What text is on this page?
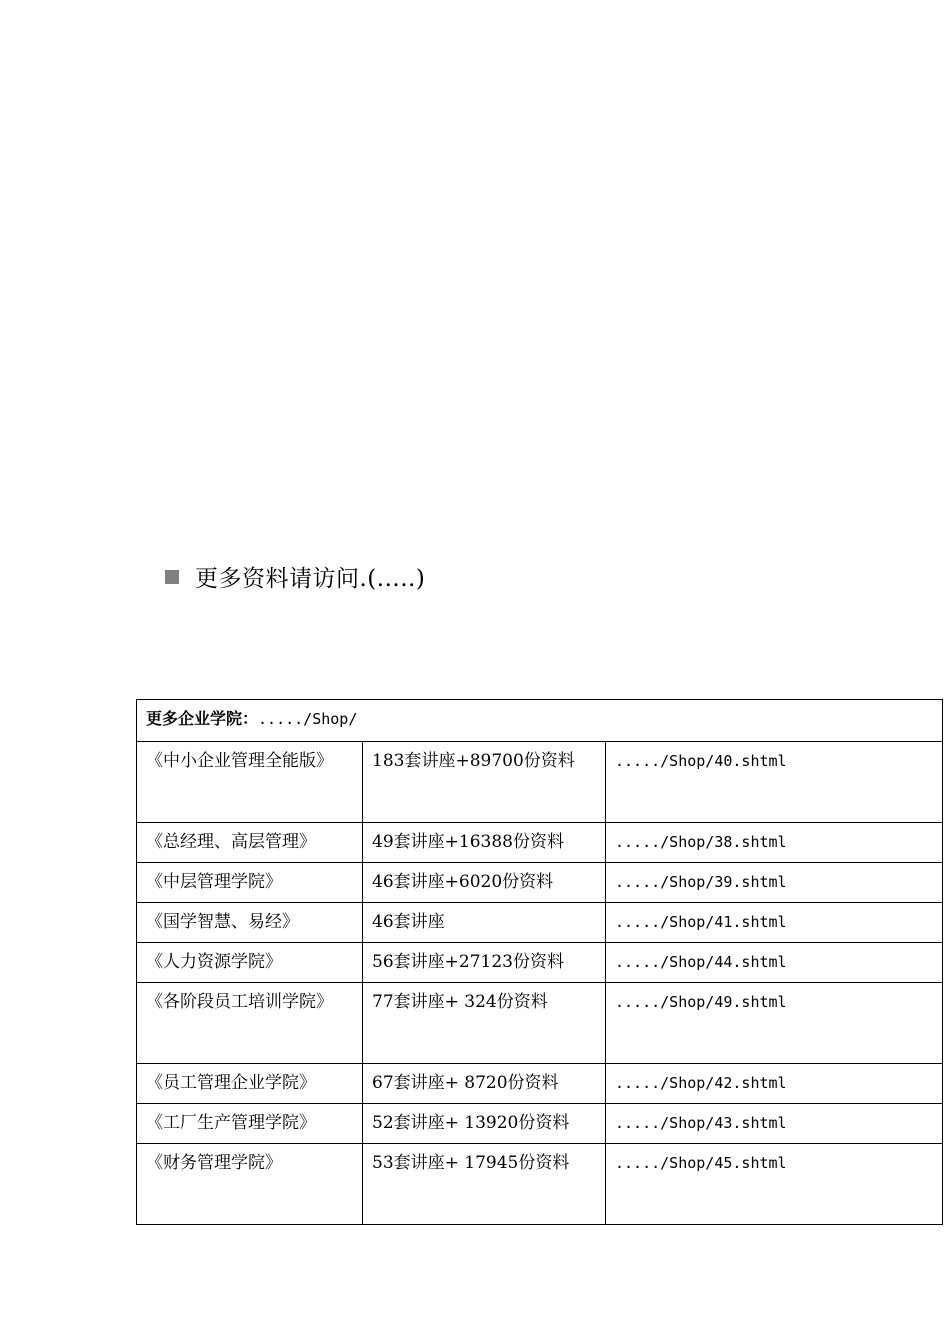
更多资料请访问.(.....)
更多企业学院：...../Shop/		
《中小企业管理全能版》	183套讲座+89700份资料	...../Shop/40.shtml
《总经理、高层管理》	49套讲座+16388份资料	...../Shop/38.shtml
《中层管理学院》	46套讲座+6020份资料	...../Shop/39.shtml
《国学智慧、易经》	46套讲座	...../Shop/41.shtml
《人力资源学院》	56套讲座+27123份资料	...../Shop/44.shtml
《各阶段员工培训学院》	77套讲座+ 324份资料	...../Shop/49.shtml
《员工管理企业学院》	67套讲座+ 8720份资料	...../Shop/42.shtml
《工厂生产管理学院》	52套讲座+ 13920份资料	...../Shop/43.shtml
《财务管理学院》	53套讲座+ 17945份资料	...../Shop/45.shtml
